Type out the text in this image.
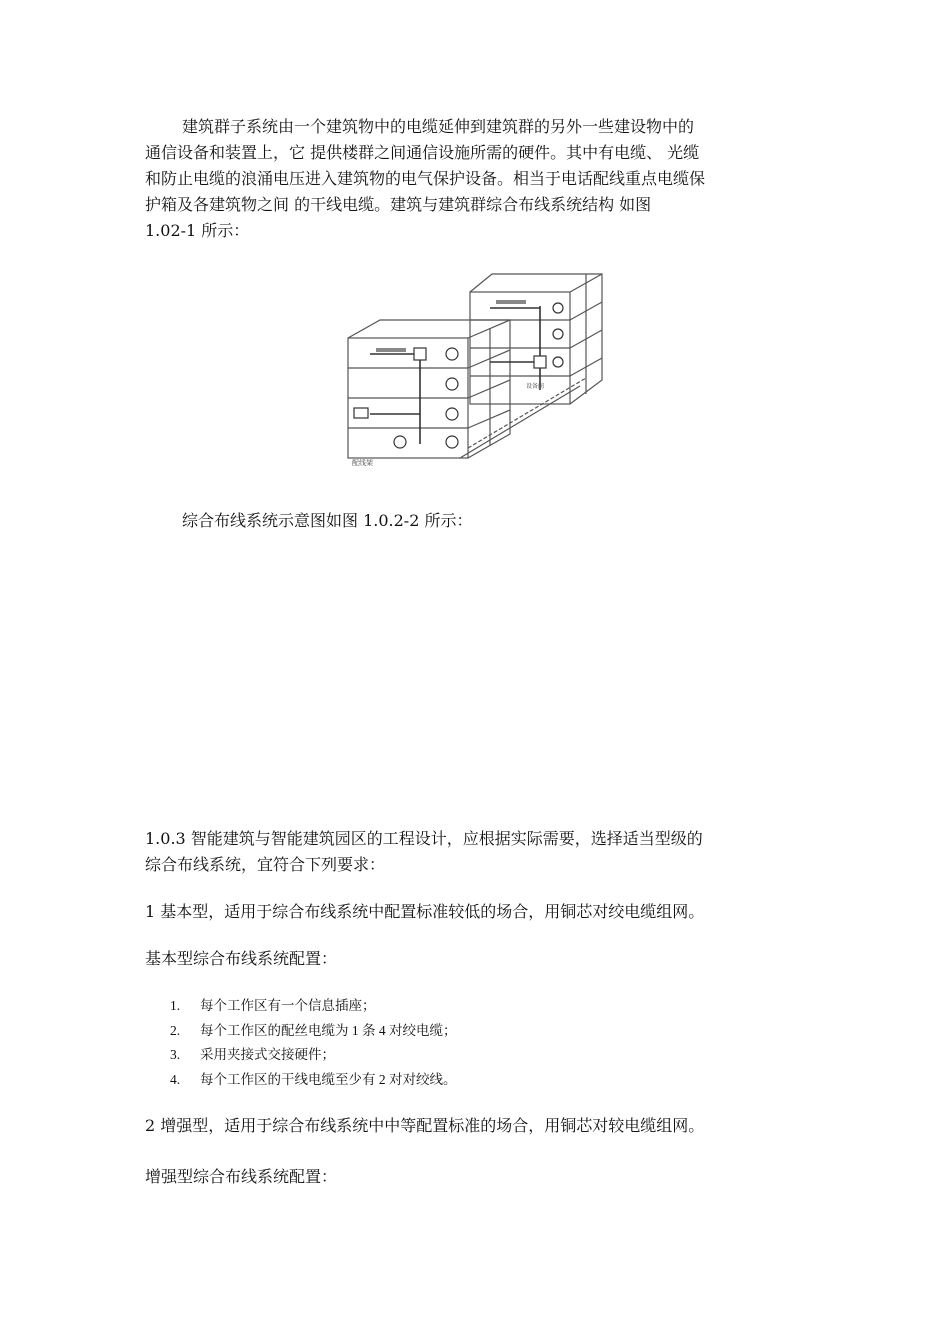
建筑群子系统由一个建筑物中的电缆延伸到建筑群的另外一些建设物中的
通信设备和装置上，它 提供楼群之间通信设施所需的硬件。其中有电缆、 光缆
和防止电缆的浪涌电压进入建筑物的电气保护设备。相当于电话配线重点电缆保
护箱及各建筑物之间 的干线电缆。建筑与建筑群综合布线系统结构 如图
1.02-1 所示：
配线架
设备间

综合布线系统示意图如图 1.0.2-2 所示：

1.0.3 智能建筑与智能建筑园区的工程设计，应根据实际需要，选择适当型级的
综合布线系统，宜符合下列要求：

1 基本型，适用于综合布线系统中配置标准较低的场合，用铜芯对绞电缆组网。

基本型综合布线系统配置：

1. 每个工作区有一个信息插座；
2. 每个工作区的配丝电缆为 1 条 4 对绞电缆；
3. 采用夹接式交接硬件；
4. 每个工作区的干线电缆至少有 2 对对绞线。

2 增强型，适用于综合布线系统中中等配置标准的场合，用铜芯对较电缆组网。

增强型综合布线系统配置：
